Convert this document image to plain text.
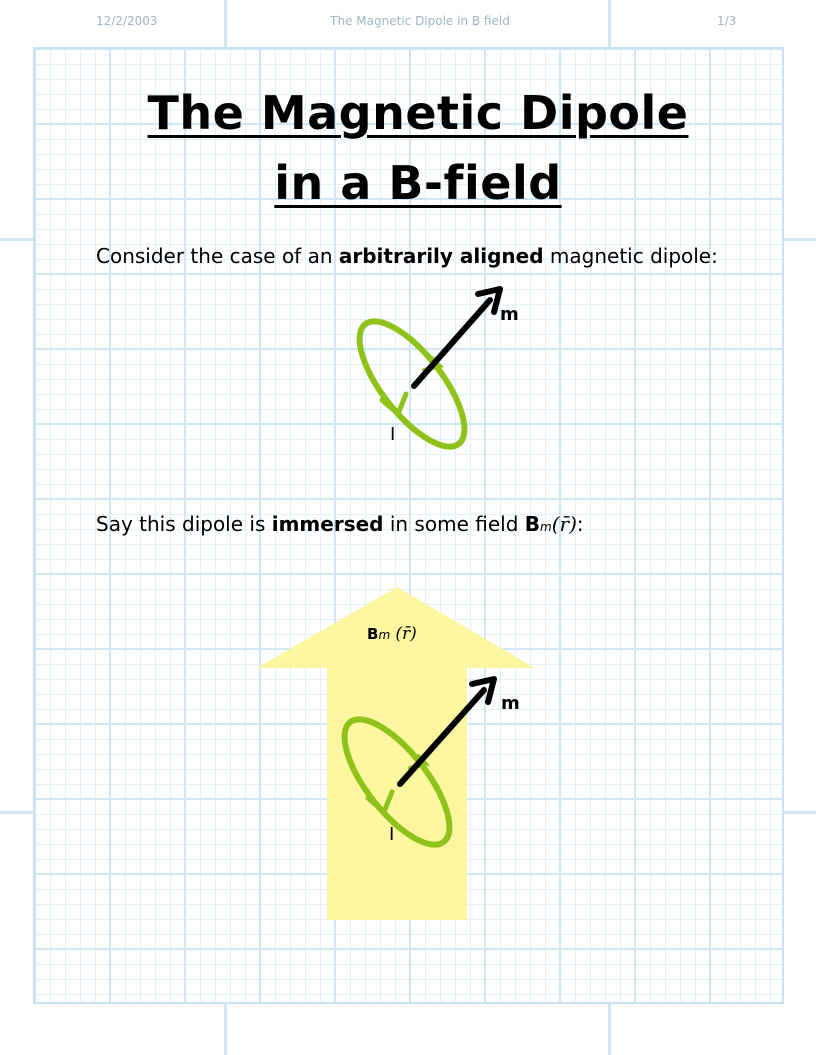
12/2/2003	The Magnetic Dipole in B field	1/3
The Magnetic Dipole
in a B-field
Consider the case of an arbitrarily aligned magnetic dipole:
m
I
Say this dipole is immersed in some field Bm(r̄):
Bm (r̄)
m
I
